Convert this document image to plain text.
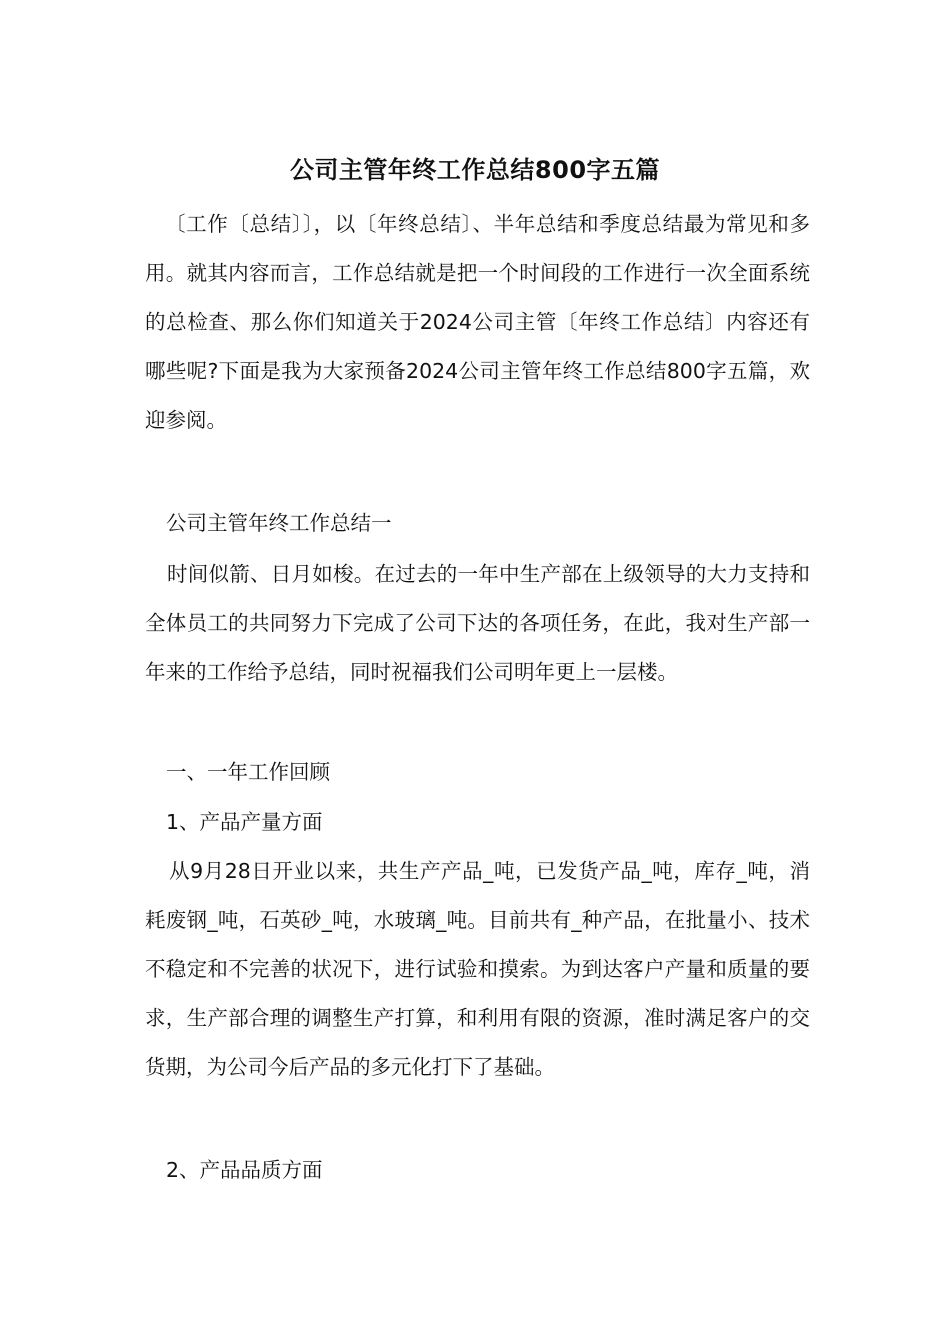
公司主管年终工作总结800字五篇
〔工作〔总结〕〕，以〔年终总结〕、半年总结和季度总结最为常见和多用。就其内容而言，工作总结就是把一个时间段的工作进行一次全面系统的总检查、那么你们知道关于2024公司主管〔年终工作总结〕内容还有哪些呢?下面是我为大家预备2024公司主管年终工作总结800字五篇，欢迎参阅。
公司主管年终工作总结一
时间似箭、日月如梭。在过去的一年中生产部在上级领导的大力支持和全体员工的共同努力下完成了公司下达的各项任务，在此，我对生产部一年来的工作给予总结，同时祝福我们公司明年更上一层楼。
一、一年工作回顾
1、产品产量方面
从9月28日开业以来，共生产产品_吨，已发货产品_吨，库存_吨，消耗废钢_吨，石英砂_吨，水玻璃_吨。目前共有_种产品，在批量小、技术不稳定和不完善的状况下，进行试验和摸索。为到达客户产量和质量的要求，生产部合理的调整生产打算，和利用有限的资源，准时满足客户的交货期，为公司今后产品的多元化打下了基础。
2、产品品质方面
